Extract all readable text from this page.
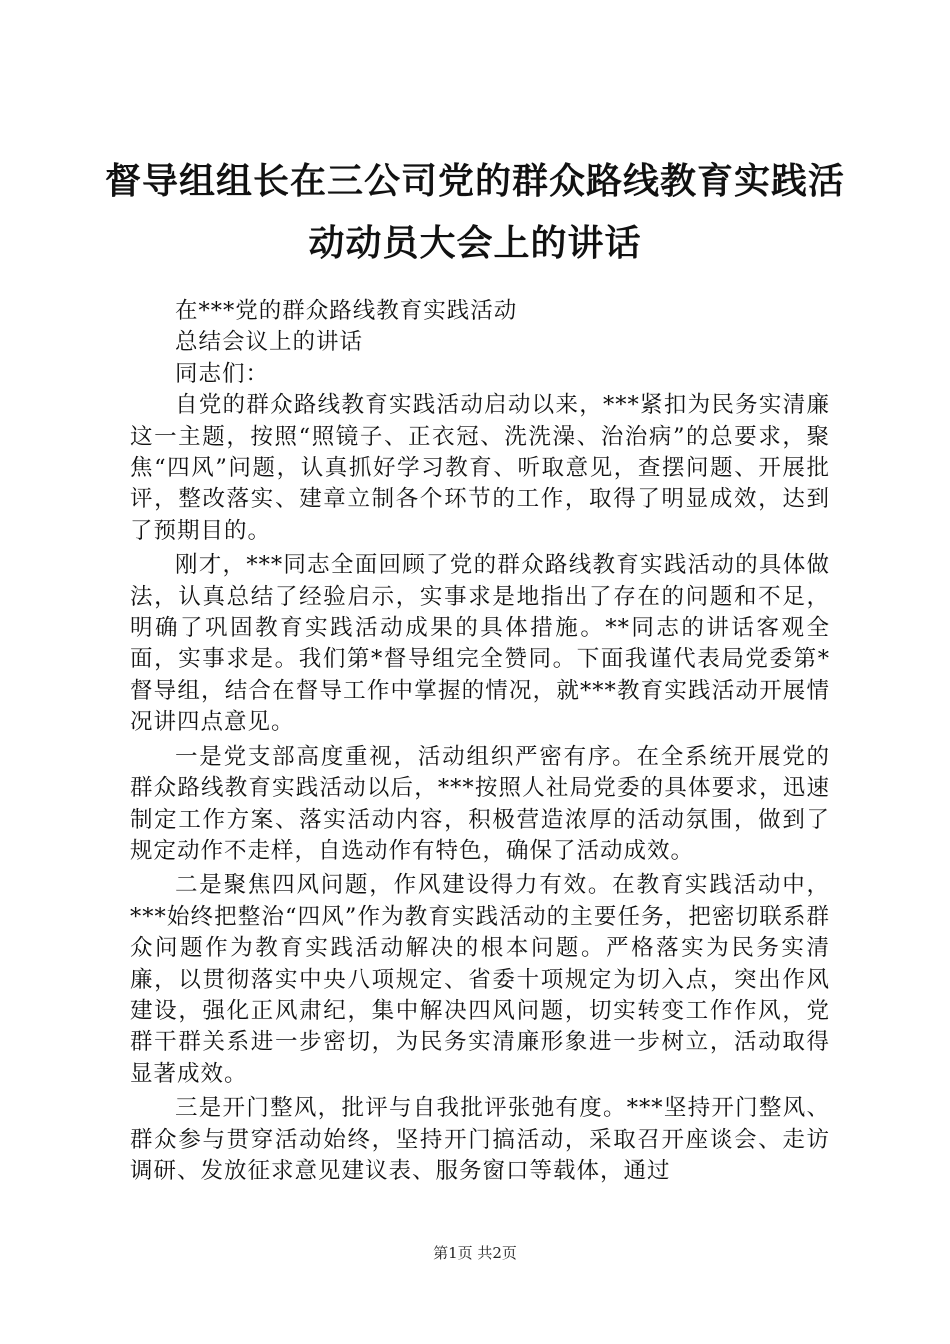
督导组组长在三公司党的群众路线教育实践活
动动员大会上的讲话

在***党的群众路线教育实践活动

总结会议上的讲话

同志们：

自党的群众路线教育实践活动启动以来，***紧扣为民务实清廉这一主题，按照“照镜子、正衣冠、洗洗澡、治治病”的总要求，聚焦“四风”问题，认真抓好学习教育、听取意见，查摆问题、开展批评，整改落实、建章立制各个环节的工作，取得了明显成效，达到了预期目的。

刚才，***同志全面回顾了党的群众路线教育实践活动的具体做法，认真总结了经验启示，实事求是地指出了存在的问题和不足，明确了巩固教育实践活动成果的具体措施。**同志的讲话客观全面，实事求是。我们第*督导组完全赞同。下面我谨代表局党委第*督导组，结合在督导工作中掌握的情况，就***教育实践活动开展情况讲四点意见。

一是党支部高度重视，活动组织严密有序。在全系统开展党的群众路线教育实践活动以后，***按照人社局党委的具体要求，迅速制定工作方案、落实活动内容，积极营造浓厚的活动氛围，做到了规定动作不走样，自选动作有特色，确保了活动成效。

二是聚焦四风问题，作风建设得力有效。在教育实践活动中，***始终把整治“四风”作为教育实践活动的主要任务，把密切联系群众问题作为教育实践活动解决的根本问题。严格落实为民务实清廉，以贯彻落实中央八项规定、省委十项规定为切入点，突出作风建设，强化正风肃纪，集中解决四风问题，切实转变工作作风，党群干群关系进一步密切，为民务实清廉形象进一步树立，活动取得显著成效。

三是开门整风，批评与自我批评张弛有度。***坚持开门整风、群众参与贯穿活动始终，坚持开门搞活动，采取召开座谈会、走访调研、发放征求意见建议表、服务窗口等载体，通过

第1页 共2页
